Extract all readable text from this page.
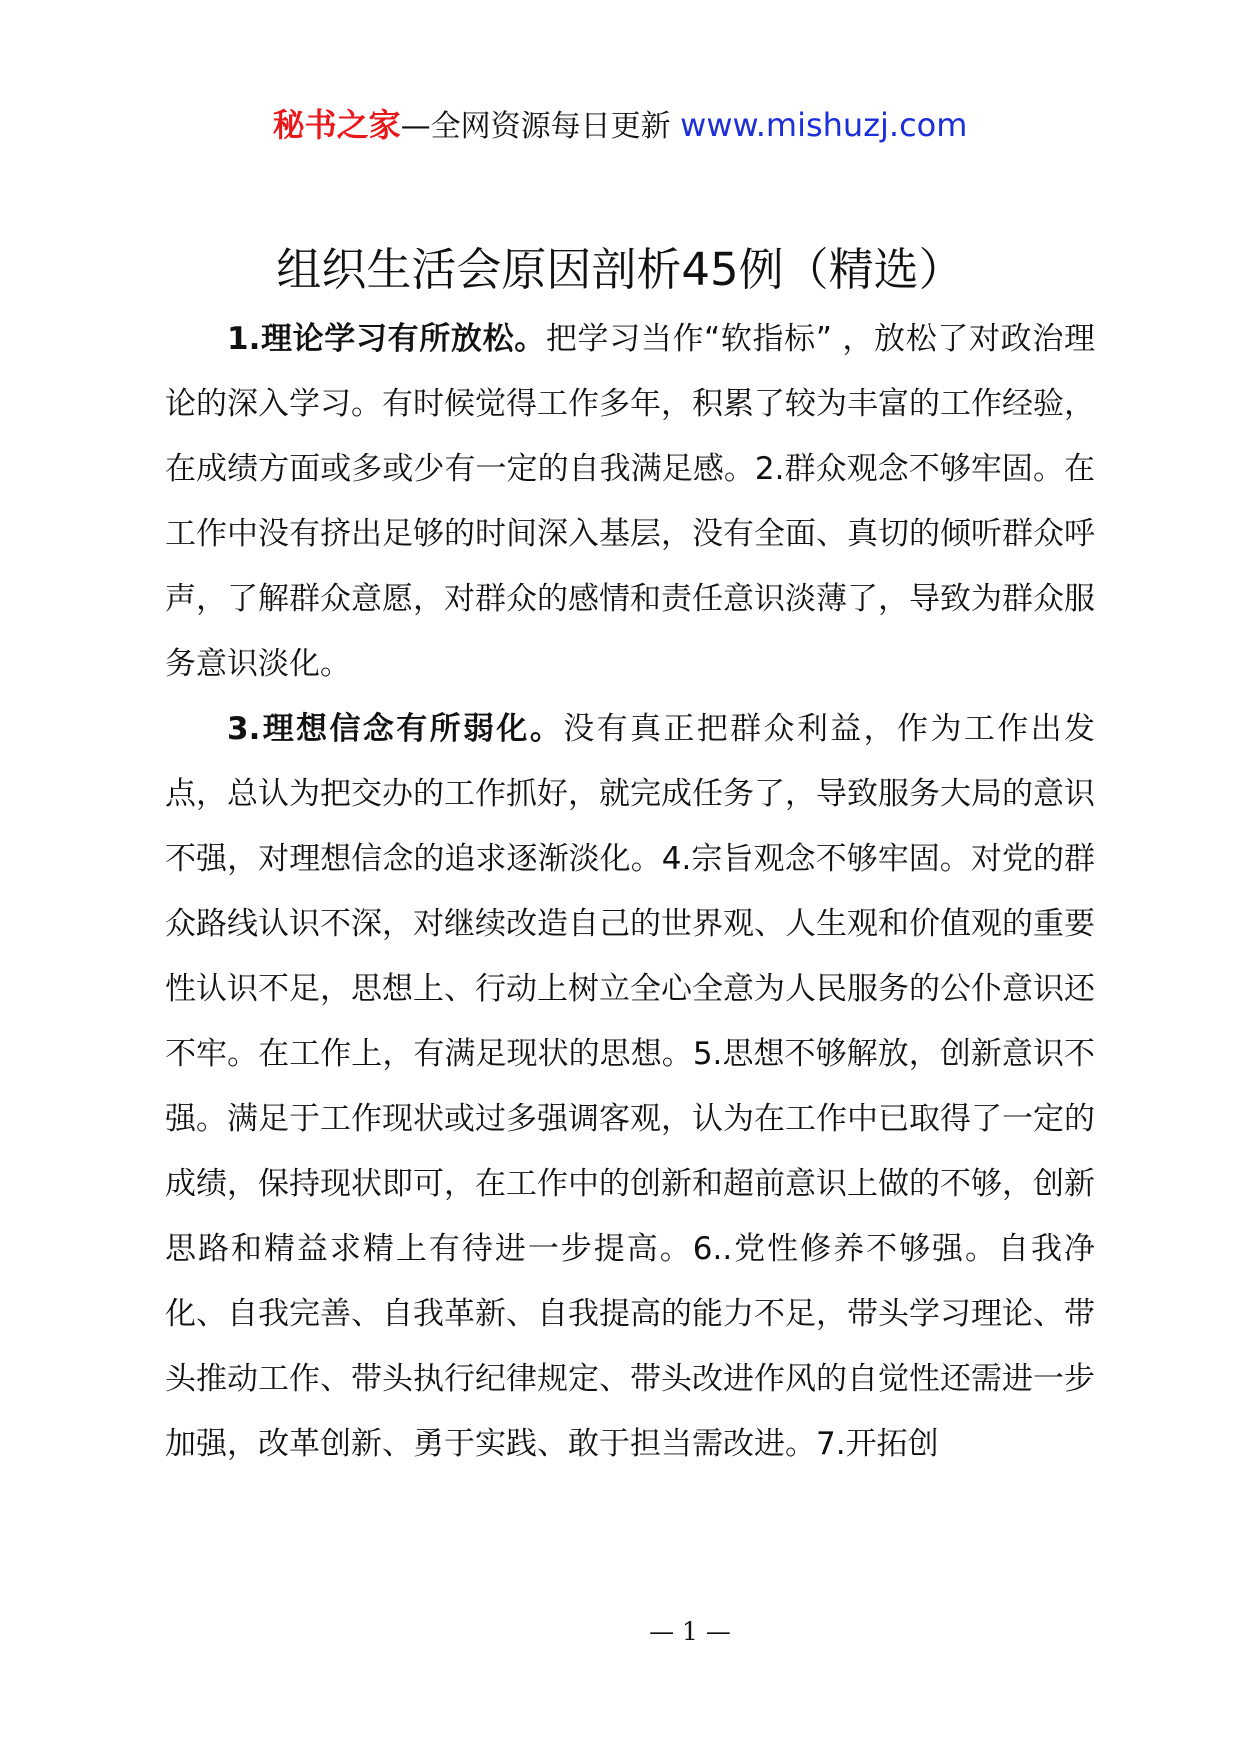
秘书之家—全网资源每日更新 www.mishuzj.com
组织生活会原因剖析45例（精选）

1.理论学习有所放松。把学习当作“软指标” ，放松了对政治理论的深入学习。有时候觉得工作多年，积累了较为丰富的工作经验，在成绩方面或多或少有一定的自我满足感。2.群众观念不够牢固。在工作中没有挤出足够的时间深入基层，没有全面、真切的倾听群众呼声，了解群众意愿，对群众的感情和责任意识淡薄了，导致为群众服务意识淡化。

3.理想信念有所弱化。没有真正把群众利益，作为工作出发点，总认为把交办的工作抓好，就完成任务了，导致服务大局的意识不强，对理想信念的追求逐渐淡化。4.宗旨观念不够牢固。对党的群众路线认识不深，对继续改造自己的世界观、人生观和价值观的重要性认识不足，思想上、行动上树立全心全意为人民服务的公仆意识还不牢。在工作上，有满足现状的思想。5.思想不够解放，创新意识不强。满足于工作现状或过多强调客观，认为在工作中已取得了一定的成绩，保持现状即可，在工作中的创新和超前意识上做的不够，创新思路和精益求精上有待进一步提高。6..党性修养不够强。自我净化、自我完善、自我革新、自我提高的能力不足，带头学习理论、带头推动工作、带头执行纪律规定、带头改进作风的自觉性还需进一步加强，改革创新、勇于实践、敢于担当需改进。7.开拓创

— 1 —
